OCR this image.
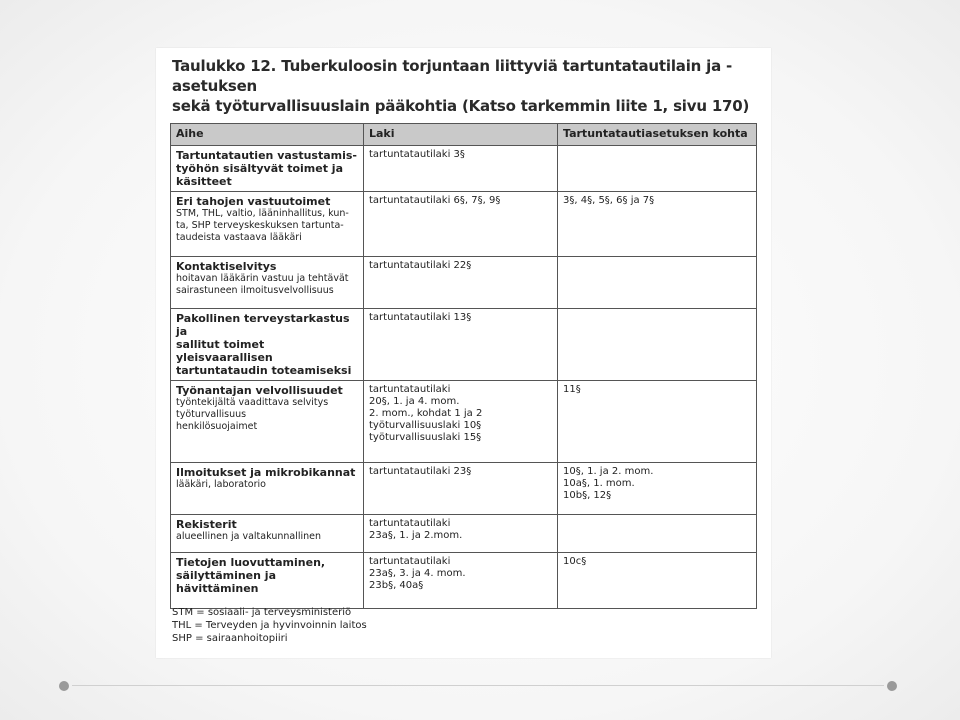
Taulukko 12. Tuberkuloosin torjuntaan liittyviä tartuntatautilain ja -asetuksen
sekä työturvallisuuslain pääkohtia (Katso tarkemmin liite 1, sivu 170)
Aihe	Laki	Tartuntatautiasetuksen kohta

Tartuntatautien vastustamis-
työhön sisältyvät toimet ja
käsitteet	tartuntatautilaki 3§	

Eri tahojen vastuutoimet
STM, THL, valtio, lääninhallitus, kun-
ta, SHP terveyskeskuksen tartunta-
taudeista vastaava lääkäri	tartuntatautilaki 6§, 7§, 9§	3§, 4§, 5§, 6§ ja 7§

Kontaktiselvitys
hoitavan lääkärin vastuu ja tehtävät
sairastuneen ilmoitusvelvollisuus	tartuntatautilaki 22§	

Pakollinen terveystarkastus ja
sallitut toimet yleisvaarallisen
tartuntataudin toteamiseksi	tartuntatautilaki 13§	

Työnantajan velvollisuudet
työntekijältä vaadittava selvitys
työturvallisuus
henkilösuojaimet	tartuntatautilaki
20§, 1. ja 4. mom.
2. mom., kohdat 1 ja 2
työturvallisuuslaki 10§
työturvallisuuslaki 15§	11§

Ilmoitukset ja mikrobikannat
lääkäri, laboratorio	tartuntatautilaki 23§	10§, 1. ja 2. mom.
10a§, 1. mom.
10b§, 12§

Rekisterit
alueellinen ja valtakunnallinen	tartuntatautilaki
23a§, 1. ja 2.mom.	

Tietojen luovuttaminen,
säilyttäminen ja hävittäminen	tartuntatautilaki
23a§, 3. ja 4. mom.
23b§, 40a§	10c§
STM = sosiaali- ja terveysministeriö
THL = Terveyden ja hyvinvoinnin laitos
SHP = sairaanhoitopiiri
